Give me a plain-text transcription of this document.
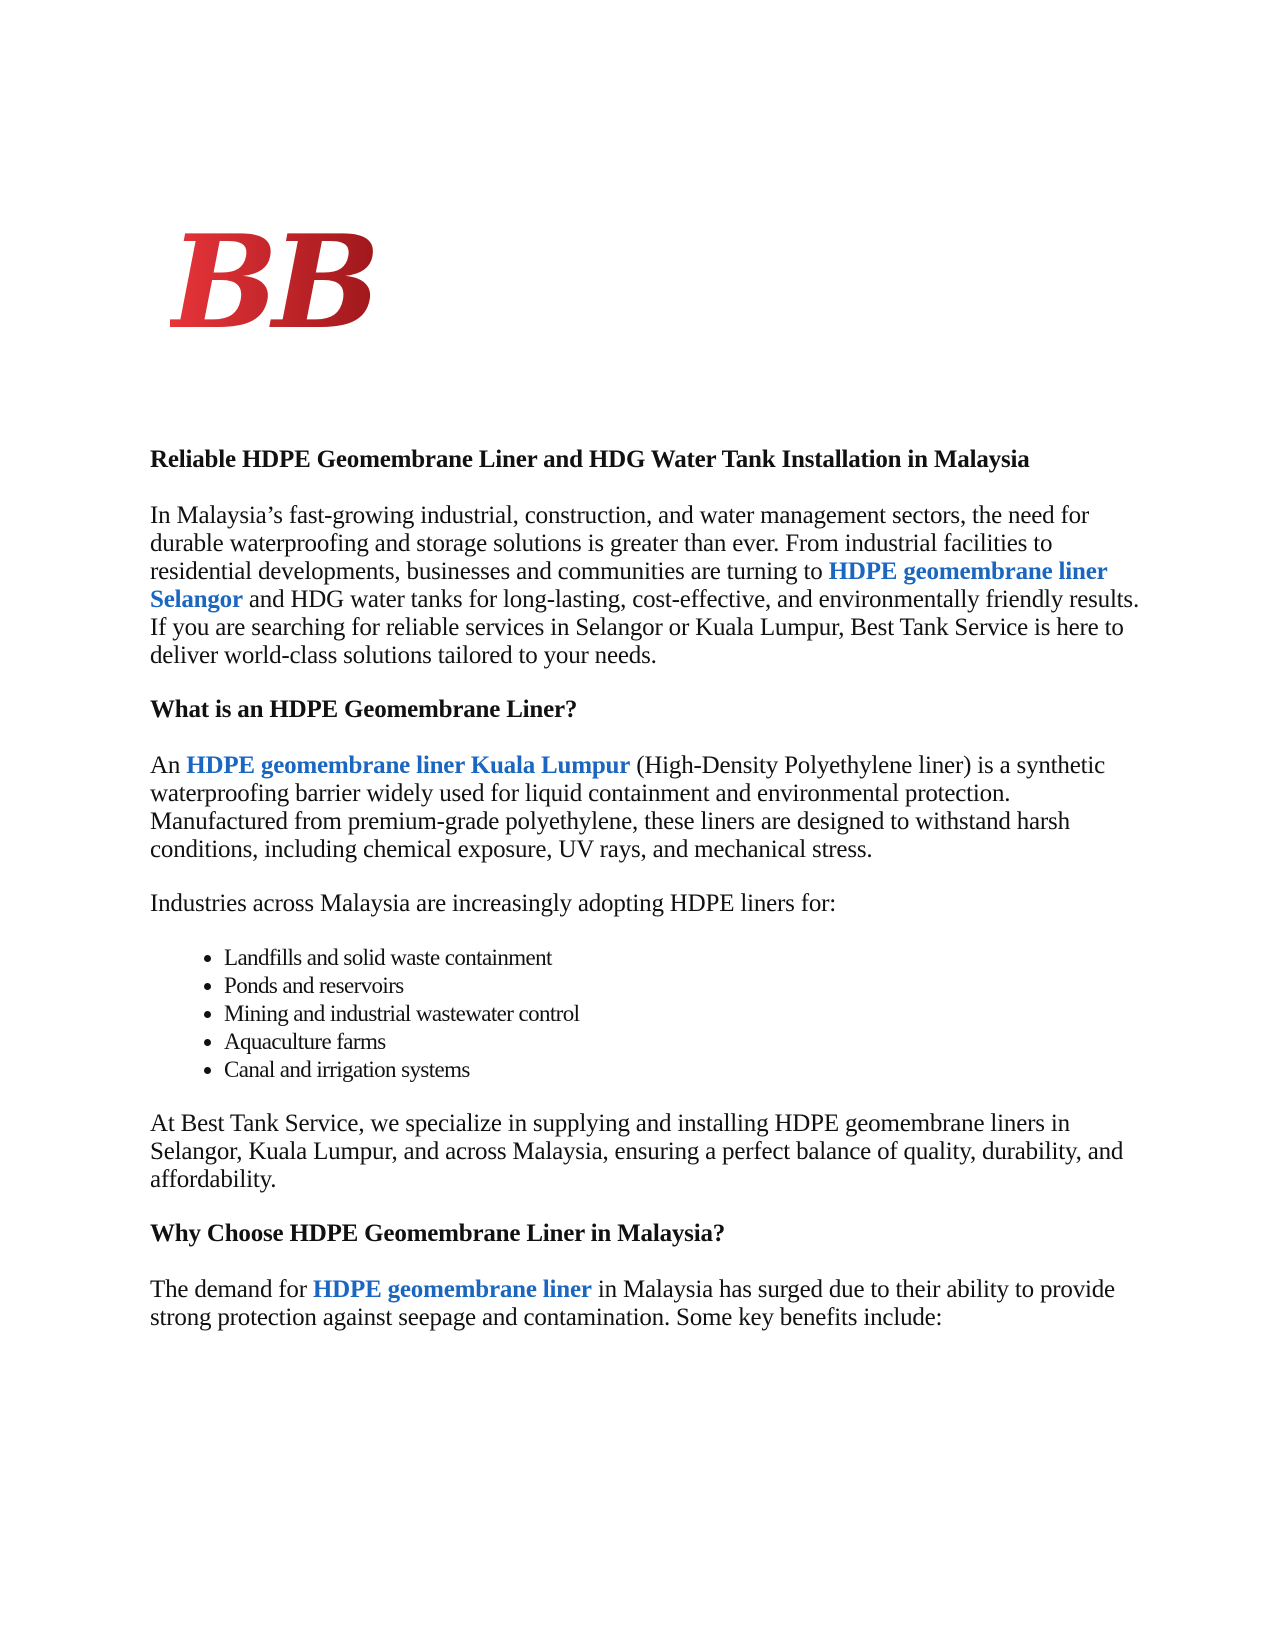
BB
Reliable HDPE Geomembrane Liner and HDG Water Tank Installation in Malaysia

In Malaysia’s fast-growing industrial, construction, and water management sectors, the need for durable waterproofing and storage solutions is greater than ever. From industrial facilities to residential developments, businesses and communities are turning to HDPE geomembrane liner Selangor and HDG water tanks for long-lasting, cost-effective, and environmentally friendly results. If you are searching for reliable services in Selangor or Kuala Lumpur, Best Tank Service is here to deliver world-class solutions tailored to your needs.

What is an HDPE Geomembrane Liner?

An HDPE geomembrane liner Kuala Lumpur (High-Density Polyethylene liner) is a synthetic waterproofing barrier widely used for liquid containment and environmental protection. Manufactured from premium-grade polyethylene, these liners are designed to withstand harsh conditions, including chemical exposure, UV rays, and mechanical stress.

Industries across Malaysia are increasingly adopting HDPE liners for:

• Landfills and solid waste containment
• Ponds and reservoirs
• Mining and industrial wastewater control
• Aquaculture farms
• Canal and irrigation systems

At Best Tank Service, we specialize in supplying and installing HDPE geomembrane liners in Selangor, Kuala Lumpur, and across Malaysia, ensuring a perfect balance of quality, durability, and affordability.

Why Choose HDPE Geomembrane Liner in Malaysia?

The demand for HDPE geomembrane liner in Malaysia has surged due to their ability to provide strong protection against seepage and contamination. Some key benefits include:
